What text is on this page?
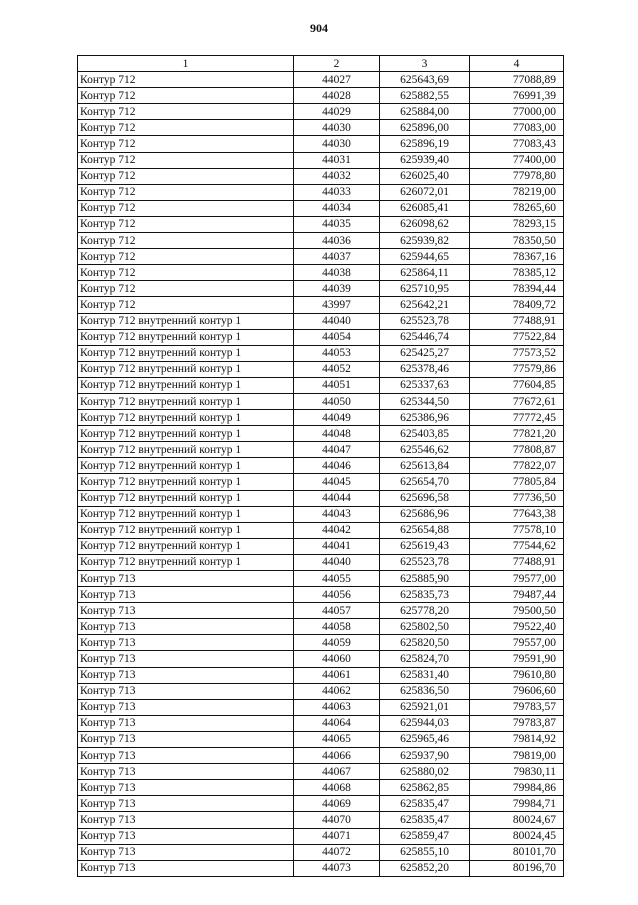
904
1	2	3	4
Контур 712	44027	625643,69	77088,89
Контур 712	44028	625882,55	76991,39
Контур 712	44029	625884,00	77000,00
Контур 712	44030	625896,00	77083,00
Контур 712	44030	625896,19	77083,43
Контур 712	44031	625939,40	77400,00
Контур 712	44032	626025,40	77978,80
Контур 712	44033	626072,01	78219,00
Контур 712	44034	626085,41	78265,60
Контур 712	44035	626098,62	78293,15
Контур 712	44036	625939,82	78350,50
Контур 712	44037	625944,65	78367,16
Контур 712	44038	625864,11	78385,12
Контур 712	44039	625710,95	78394,44
Контур 712	43997	625642,21	78409,72
Контур 712 внутренний контур 1	44040	625523,78	77488,91
Контур 712 внутренний контур 1	44054	625446,74	77522,84
Контур 712 внутренний контур 1	44053	625425,27	77573,52
Контур 712 внутренний контур 1	44052	625378,46	77579,86
Контур 712 внутренний контур 1	44051	625337,63	77604,85
Контур 712 внутренний контур 1	44050	625344,50	77672,61
Контур 712 внутренний контур 1	44049	625386,96	77772,45
Контур 712 внутренний контур 1	44048	625403,85	77821,20
Контур 712 внутренний контур 1	44047	625546,62	77808,87
Контур 712 внутренний контур 1	44046	625613,84	77822,07
Контур 712 внутренний контур 1	44045	625654,70	77805,84
Контур 712 внутренний контур 1	44044	625696,58	77736,50
Контур 712 внутренний контур 1	44043	625686,96	77643,38
Контур 712 внутренний контур 1	44042	625654,88	77578,10
Контур 712 внутренний контур 1	44041	625619,43	77544,62
Контур 712 внутренний контур 1	44040	625523,78	77488,91
Контур 713	44055	625885,90	79577,00
Контур 713	44056	625835,73	79487,44
Контур 713	44057	625778,20	79500,50
Контур 713	44058	625802,50	79522,40
Контур 713	44059	625820,50	79557,00
Контур 713	44060	625824,70	79591,90
Контур 713	44061	625831,40	79610,80
Контур 713	44062	625836,50	79606,60
Контур 713	44063	625921,01	79783,57
Контур 713	44064	625944,03	79783,87
Контур 713	44065	625965,46	79814,92
Контур 713	44066	625937,90	79819,00
Контур 713	44067	625880,02	79830,11
Контур 713	44068	625862,85	79984,86
Контур 713	44069	625835,47	79984,71
Контур 713	44070	625835,47	80024,67
Контур 713	44071	625859,47	80024,45
Контур 713	44072	625855,10	80101,70
Контур 713	44073	625852,20	80196,70
